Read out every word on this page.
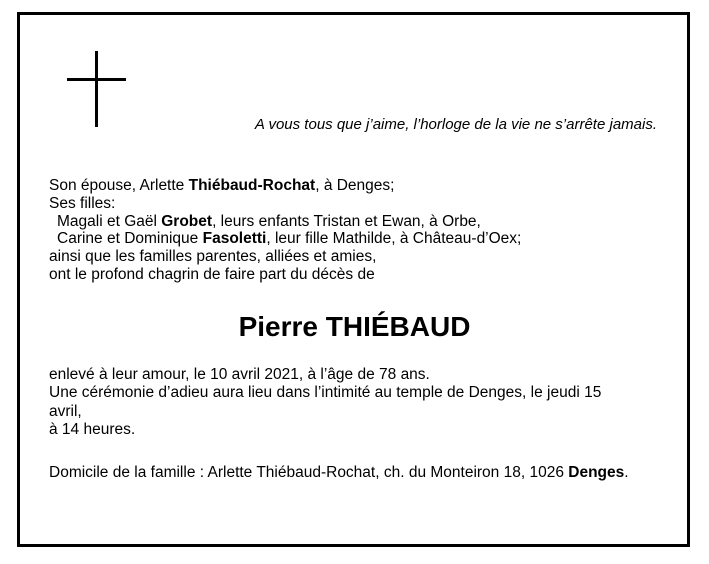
A vous tous que j’aime, l’horloge de la vie ne s’arrête jamais.
Son épouse, Arlette Thiébaud-Rochat, à Denges;
Ses filles:
Magali et Gaël Grobet, leurs enfants Tristan et Ewan, à Orbe,
Carine et Dominique Fasoletti, leur fille Mathilde, à Château-d’Oex;
ainsi que les familles parentes, alliées et amies,
ont le profond chagrin de faire part du décès de
Pierre THIÉBAUD
enlevé à leur amour, le 10 avril 2021, à l’âge de 78 ans.
Une cérémonie d’adieu aura lieu dans l’intimité au temple de Denges, le jeudi 15
avril,
à 14 heures.
Domicile de la famille : Arlette Thiébaud-Rochat, ch. du Monteiron 18, 1026 Denges.
